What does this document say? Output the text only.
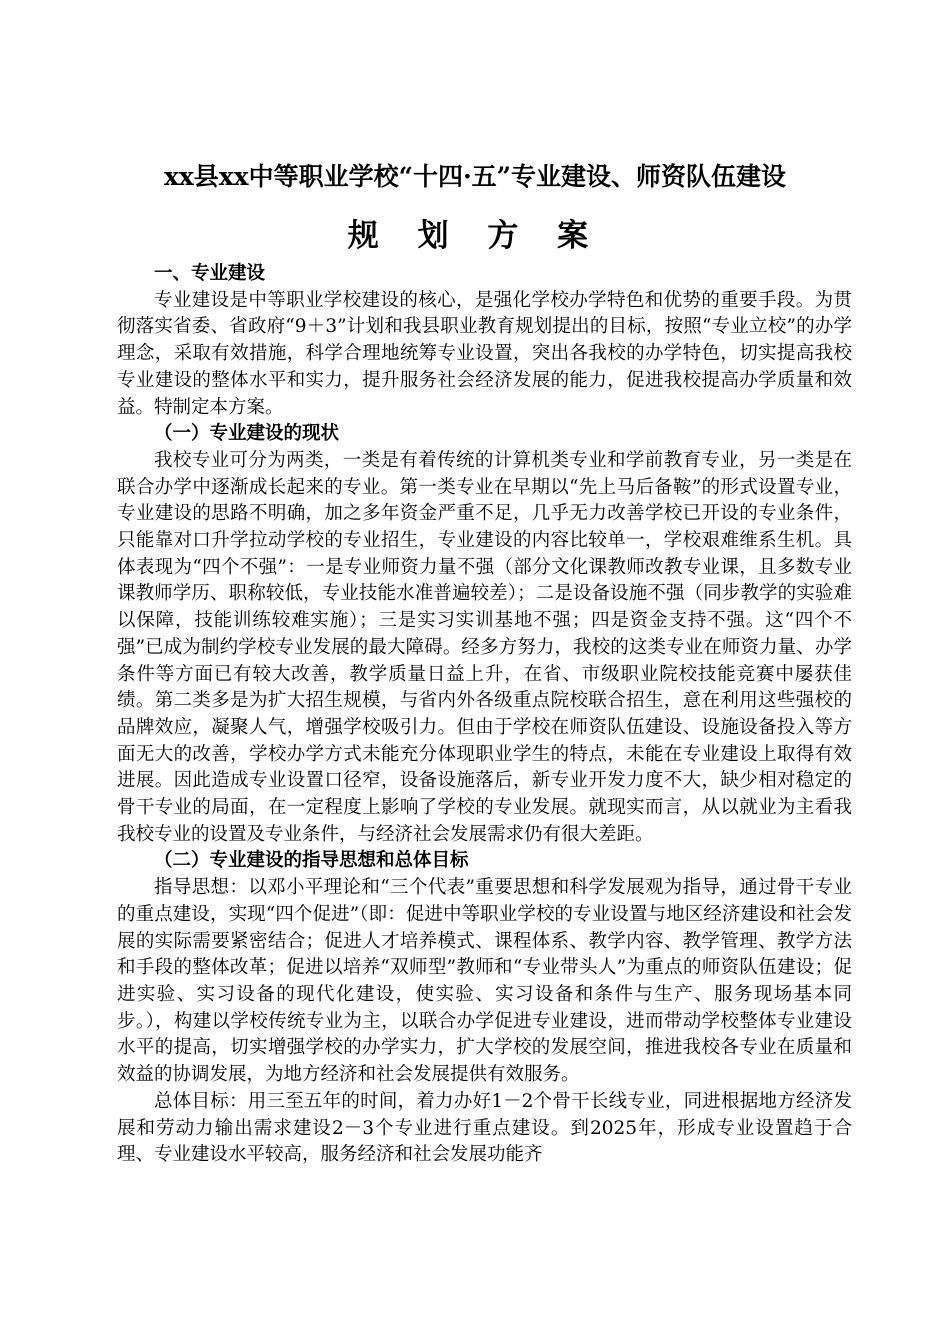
xx县xx中等职业学校“十四·五”专业建设、师资队伍建设
规 划 方 案
一、专业建设

专业建设是中等职业学校建设的核心，是强化学校办学特色和优势的重要手段。为贯彻落实省委、省政府“9＋3”计划和我县职业教育规划提出的目标，按照“专业立校”的办学理念，采取有效措施，科学合理地统筹专业设置，突出各我校的办学特色，切实提高我校专业建设的整体水平和实力，提升服务社会经济发展的能力，促进我校提高办学质量和效益。特制定本方案。

（一）专业建设的现状

我校专业可分为两类，一类是有着传统的计算机类专业和学前教育专业，另一类是在联合办学中逐渐成长起来的专业。第一类专业在早期以“先上马后备鞍”的形式设置专业，专业建设的思路不明确，加之多年资金严重不足，几乎无力改善学校已开设的专业条件，只能靠对口升学拉动学校的专业招生，专业建设的内容比较单一，学校艰难维系生机。具体表现为“四个不强”：一是专业师资力量不强（部分文化课教师改教专业课，且多数专业课教师学历、职称较低，专业技能水准普遍较差）；二是设备设施不强（同步教学的实验难以保障，技能训练较难实施）；三是实习实训基地不强；四是资金支持不强。这“四个不强”已成为制约学校专业发展的最大障碍。经多方努力，我校的这类专业在师资力量、办学条件等方面已有较大改善，教学质量日益上升，在省、市级职业院校技能竞赛中屡获佳绩。第二类多是为扩大招生规模，与省内外各级重点院校联合招生，意在利用这些强校的品牌效应，凝聚人气，增强学校吸引力。但由于学校在师资队伍建设、设施设备投入等方面无大的改善，学校办学方式未能充分体现职业学生的特点，未能在专业建设上取得有效进展。因此造成专业设置口径窄，设备设施落后，新专业开发力度不大，缺少相对稳定的骨干专业的局面，在一定程度上影响了学校的专业发展。就现实而言，从以就业为主看我我校专业的设置及专业条件，与经济社会发展需求仍有很大差距。

（二）专业建设的指导思想和总体目标

指导思想：以邓小平理论和“三个代表”重要思想和科学发展观为指导，通过骨干专业的重点建设，实现“四个促进”（即：促进中等职业学校的专业设置与地区经济建设和社会发展的实际需要紧密结合；促进人才培养模式、课程体系、教学内容、教学管理、教学方法和手段的整体改革；促进以培养“双师型”教师和“专业带头人”为重点的师资队伍建设；促进实验、实习设备的现代化建设，使实验、实习设备和条件与生产、服务现场基本同步。），构建以学校传统专业为主，以联合办学促进专业建设，进而带动学校整体专业建设水平的提高，切实增强学校的办学实力，扩大学校的发展空间，推进我校各专业在质量和效益的协调发展，为地方经济和社会发展提供有效服务。

总体目标：用三至五年的时间，着力办好1－2个骨干长线专业，同进根据地方经济发展和劳动力输出需求建设2－3个专业进行重点建设。到2025年，形成专业设置趋于合理、专业建设水平较高，服务经济和社会发展功能齐
